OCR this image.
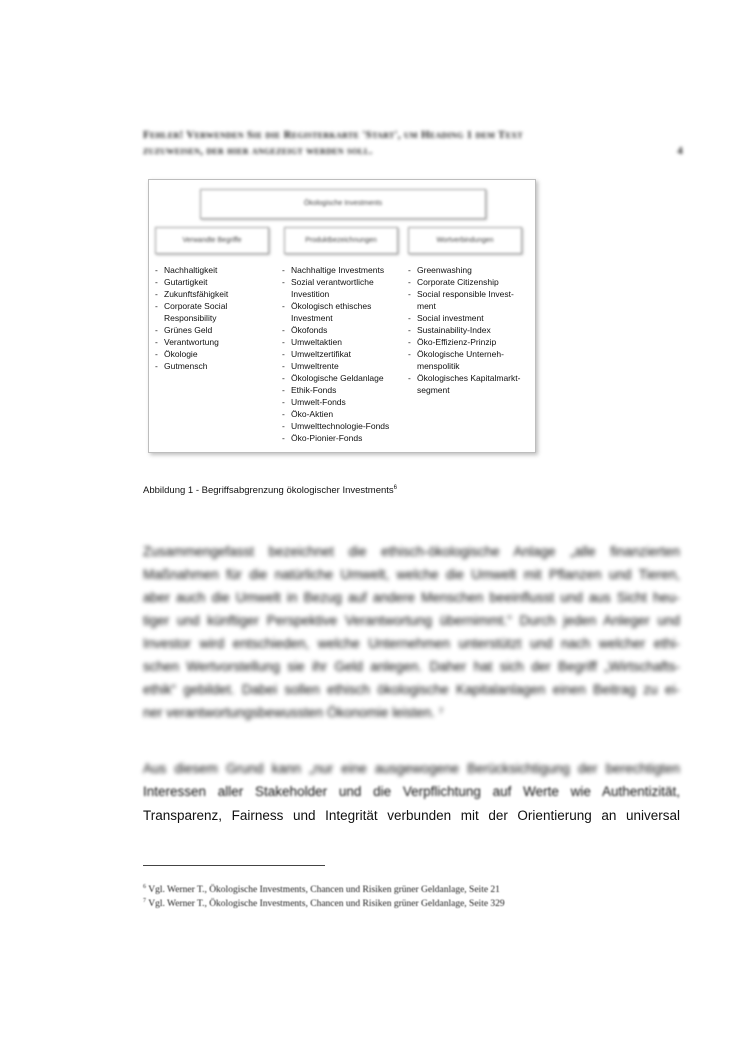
Fehler! Verwenden Sie die Registerkarte 'Start', um Heading 1 dem Text
zuzuweisen, der hier angezeigt werden soll.	4
Ökologische Investments
Verwandte Begriffe	Produktbezeichnungen	Wortverbindungen
- Nachhaltigkeit
- Gutartigkeit
- Zukunftsfähigkeit
- Corporate Social Responsibility
- Grünes Geld
- Verantwortung
- Ökologie
- Gutmensch
- Nachhaltige Investments
- Sozial verantwortliche Investition
- Ökologisch ethisches Investment
- Ökofonds
- Umweltaktien
- Umweltzertifikat
- Umweltrente
- Ökologische Geldanlage
- Ethik-Fonds
- Umwelt-Fonds
- Öko-Aktien
- Umwelttechnologie-Fonds
- Öko-Pionier-Fonds
- Greenwashing
- Corporate Citizenship
- Social responsible Invest-ment
- Social investment
- Sustainability-Index
- Öko-Effizienz-Prinzip
- Ökologische Unterneh-menspolitik
- Ökologisches Kapitalmarkt-segment
Abbildung 1 - Begriffsabgrenzung ökologischer Investments$^6$
Zusammengefasst bezeichnet die ethisch-ökologische Anlage „alle finanzierten
Maßnahmen für die natürliche Umwelt, welche die Umwelt mit Pflanzen und Tieren,
aber auch die Umwelt in Bezug auf andere Menschen beeinflusst und aus Sicht heu-
tiger und künftiger Perspektive Verantwortung übernimmt.“ Durch jeden Anleger und
Investor wird entschieden, welche Unternehmen unterstützt und nach welcher ethi-
schen Wertvorstellung sie ihr Geld anlegen. Daher hat sich der Begriff „Wirtschafts-
ethik“ gebildet. Dabei sollen ethisch ökologische Kapitalanlagen einen Beitrag zu ei-
ner verantwortungsbewussten Ökonomie leisten. ⁷
Aus diesem Grund kann „nur eine ausgewogene Berücksichtigung der berechtigten
Interessen aller Stakeholder und die Verpflichtung auf Werte wie Authentizität,
Transparenz, Fairness und Integrität verbunden mit der Orientierung an universal
$^6$ Vgl. Werner T., Ökologische Investments, Chancen und Risiken grüner Geldanlage, Seite 21
$^7$ Vgl. Werner T., Ökologische Investments, Chancen und Risiken grüner Geldanlage, Seite 329
